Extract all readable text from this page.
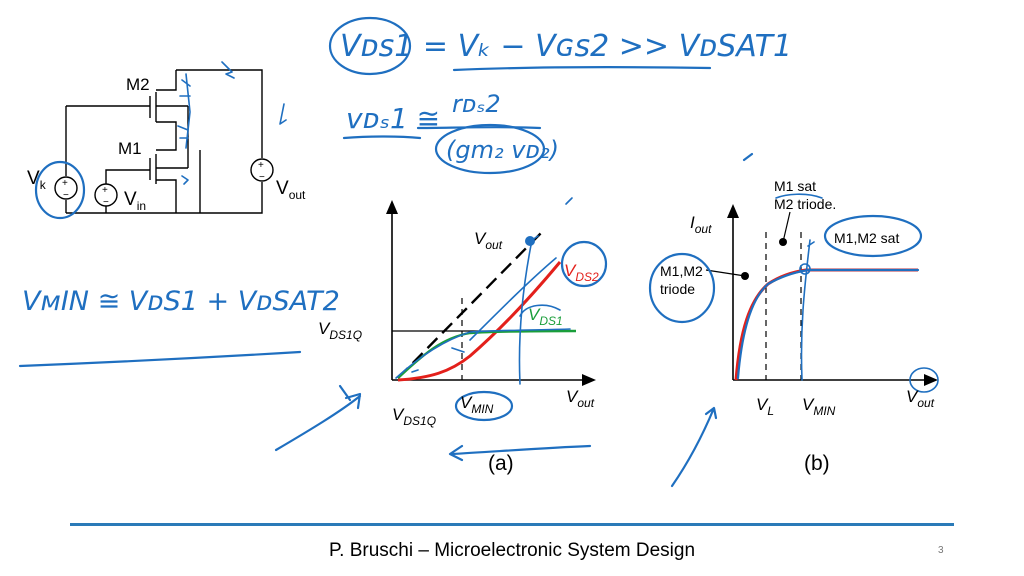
+
−	+
−
+
−
M2
M1
$V_k$
$V_{in}$
$V_{out}$
$V_{out}$
$V_{DS2}$
$V_{DS1}$
$V_{DS1Q}$
$V_{out}$
$V_{DS1Q}$
$V_{MIN}$
(a)
$I_{out}$
M1 sat
M2 triode.
M1,M2 sat
M1,M2
triode
$V_L$ $V_{MIN}$
$V_{out}$
(b)
Vᴅs1 = Vₖ − Vɢs2 >> VᴅSAT1
vᴅₛ1 ≅ rᴅₛ2
(gm₂ vᴅ₂)
VᴍIN ≅ VᴅS1 + VᴅSAT2
P. Bruschi – Microelectronic System Design	3
